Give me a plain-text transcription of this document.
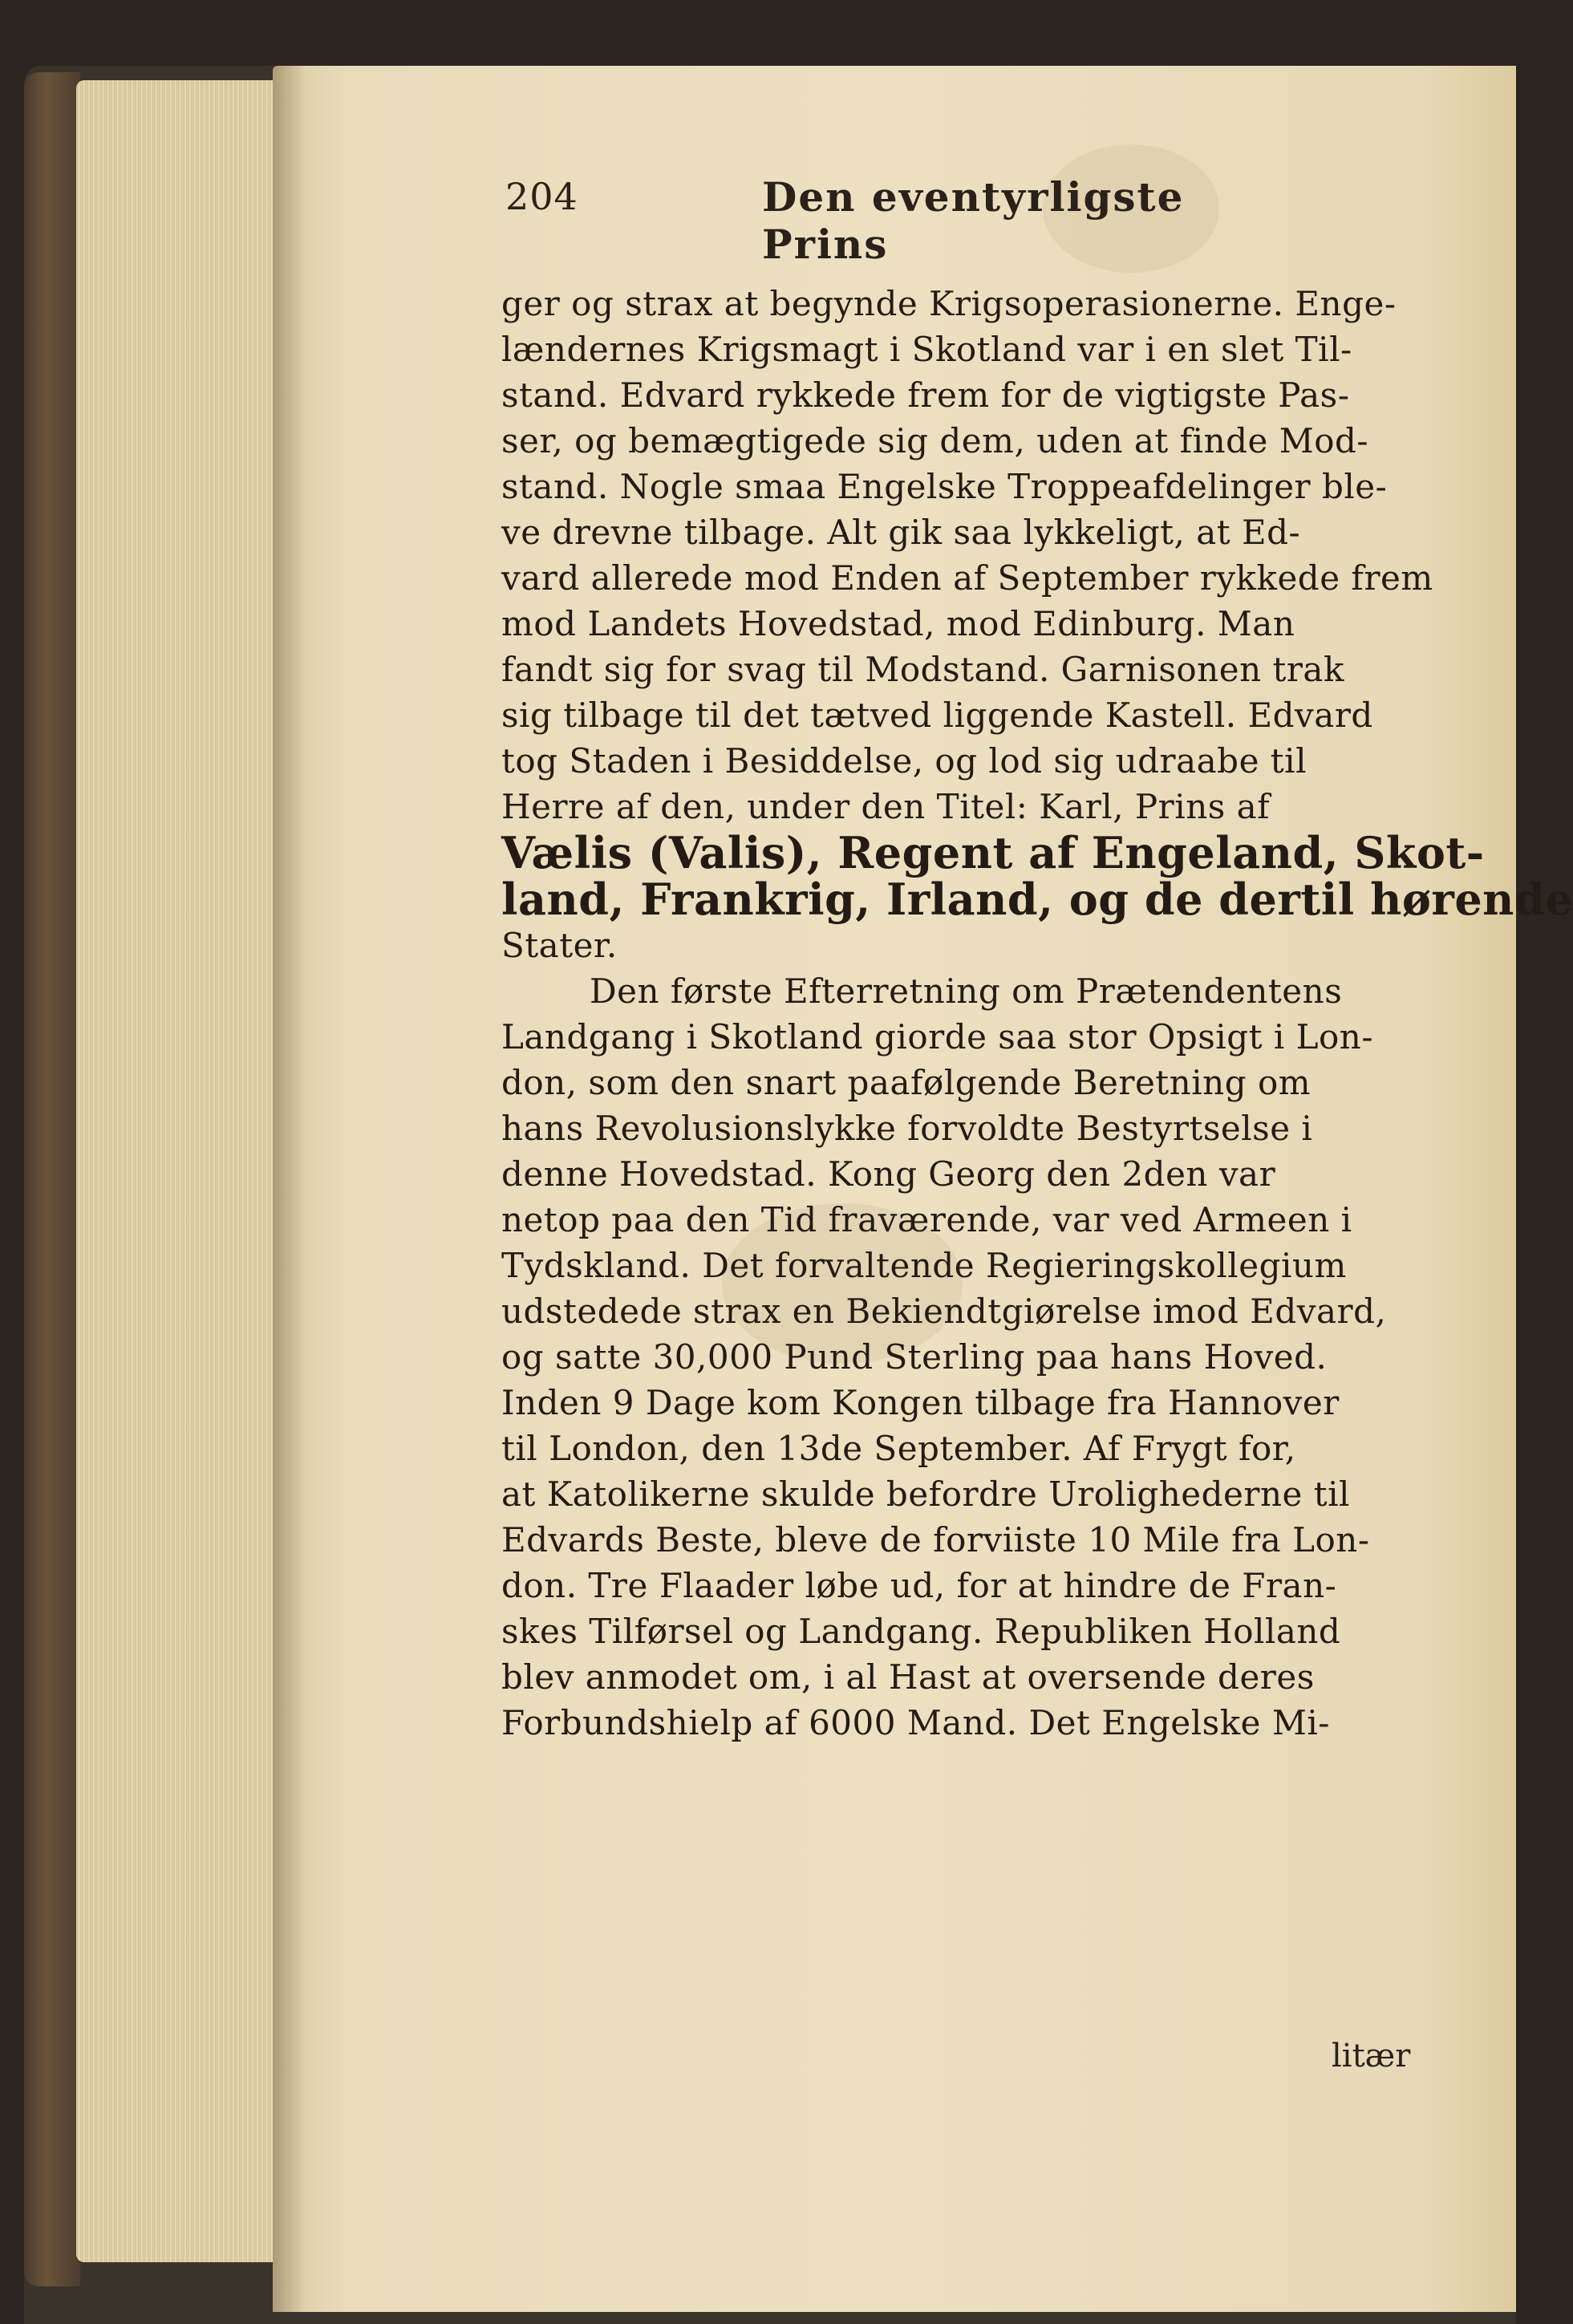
204	Den eventyrligste Prins
ger og strax at begynde Krigsoperasionerne. Enge-
lændernes Krigsmagt i Skotland var i en slet Til-
stand. Edvard rykkede frem for de vigtigste Pas-
ser, og bemægtigede sig dem, uden at finde Mod-
stand. Nogle smaa Engelske Troppeafdelinger ble-
ve drevne tilbage. Alt gik saa lykkeligt, at Ed-
vard allerede mod Enden af September rykkede frem
mod Landets Hovedstad, mod Edinburg. Man
fandt sig for svag til Modstand. Garnisonen trak
sig tilbage til det tætved liggende Kastell. Edvard
tog Staden i Besiddelse, og lod sig udraabe til
Herre af den, under den Titel: Karl, Prins af
Vælis (Valis), Regent af Engeland, Skot-
land, Frankrig, Irland, og de dertil hørende
Stater.
Den første Efterretning om Prætendentens
Landgang i Skotland giorde saa stor Opsigt i Lon-
don, som den snart paafølgende Beretning om
hans Revolusionslykke forvoldte Bestyrtselse i
denne Hovedstad. Kong Georg den 2den var
netop paa den Tid fraværende, var ved Armeen i
Tydskland. Det forvaltende Regieringskollegium
udstedede strax en Bekiendtgiørelse imod Edvard,
og satte 30,000 Pund Sterling paa hans Hoved.
Inden 9 Dage kom Kongen tilbage fra Hannover
til London, den 13de September. Af Frygt for,
at Katolikerne skulde befordre Urolighederne til
Edvards Beste, bleve de forviiste 10 Mile fra Lon-
don. Tre Flaader løbe ud, for at hindre de Fran-
skes Tilførsel og Landgang. Republiken Holland
blev anmodet om, i al Hast at oversende deres
Forbundshielp af 6000 Mand. Det Engelske Mi-
litær
